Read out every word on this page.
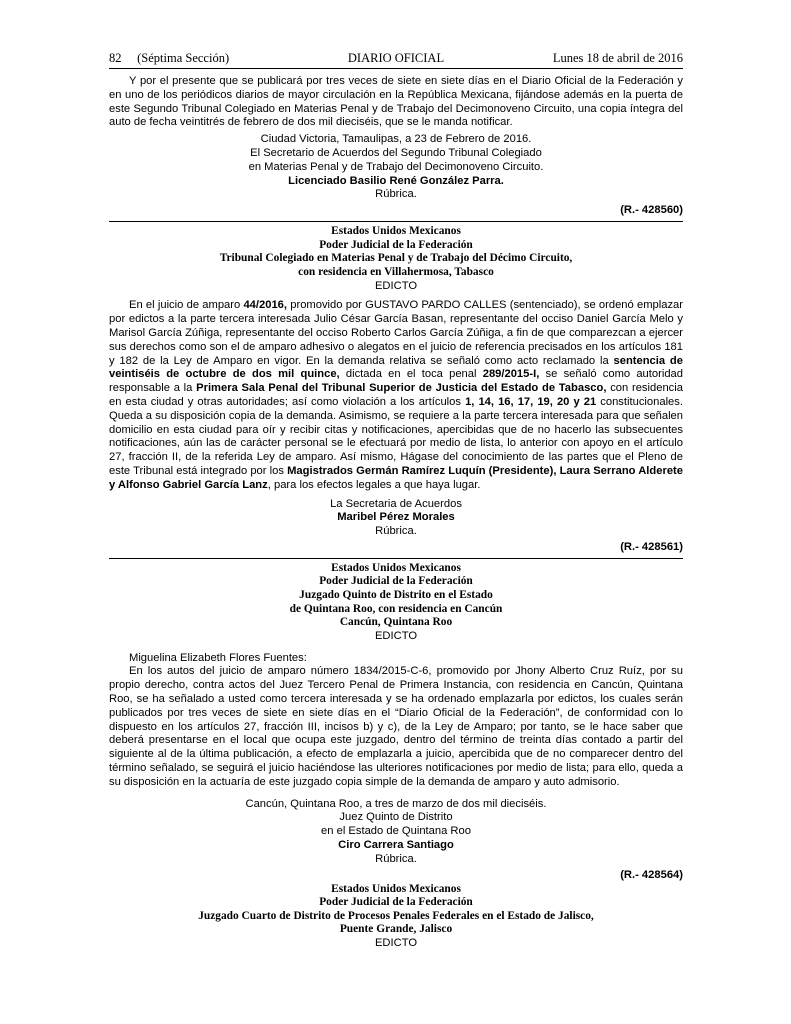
82     (Séptima Sección)	DIARIO OFICIAL	Lunes 18 de abril de 2016

Y por el presente que se publicará por tres veces de siete en siete días en el Diario Oficial de la Federación y en uno de los periódicos diarios de mayor circulación en la República Mexicana, fijándose además en la puerta de este Segundo Tribunal Colegiado en Materias Penal y de Trabajo del Decimonoveno Circuito, una copia íntegra del auto de fecha veintitrés de febrero de dos mil dieciséis, que se le manda notificar.

Ciudad Victoria, Tamaulipas, a 23 de Febrero de 2016.

El Secretario de Acuerdos del Segundo Tribunal Colegiado

en Materias Penal y de Trabajo del Decimonoveno Circuito.

Licenciado Basilio René González Parra.

Rúbrica.

(R.- 428560)

Estados Unidos Mexicanos

Poder Judicial de la Federación

Tribunal Colegiado en Materias Penal y de Trabajo del Décimo Circuito,

con residencia en Villahermosa, Tabasco

EDICTO

En el juicio de amparo 44/2016, promovido por GUSTAVO PARDO CALLES (sentenciado), se ordenó emplazar por edictos a la parte tercera interesada Julio César García Basan, representante del occiso Daniel García Melo y Marisol García Zúñiga, representante del occiso Roberto Carlos García Zúñiga, a fin de que comparezcan a ejercer sus derechos como son el de amparo adhesivo o alegatos en el juicio de referencia precisados en los artículos 181 y 182 de la Ley de Amparo en vigor. En la demanda relativa se señaló como acto reclamado la sentencia de veintiséis de octubre de dos mil quince, dictada en el toca penal 289/2015-I, se señaló como autoridad responsable a la Primera Sala Penal del Tribunal Superior de Justicia del Estado de Tabasco, con residencia en esta ciudad y otras autoridades; así como violación a los artículos 1, 14, 16, 17, 19, 20 y 21 constitucionales. Queda a su disposición copia de la demanda. Asimismo, se requiere a la parte tercera interesada para que señalen domicilio en esta ciudad para oír y recibir citas y notificaciones, apercibidas que de no hacerlo las subsecuentes notificaciones, aún las de carácter personal se le efectuará por medio de lista, lo anterior con apoyo en el artículo 27, fracción II, de la referida Ley de amparo. Así mismo, Hágase del conocimiento de las partes que el Pleno de este Tribunal está integrado por los Magistrados Germán Ramírez Luquín (Presidente), Laura Serrano Alderete y Alfonso Gabriel García Lanz, para los efectos legales a que haya lugar.

La Secretaria de Acuerdos

Maribel Pérez Morales

Rúbrica.

(R.- 428561)

Estados Unidos Mexicanos

Poder Judicial de la Federación

Juzgado Quinto de Distrito en el Estado

de Quintana Roo, con residencia en Cancún

Cancún, Quintana Roo

EDICTO

Miguelina Elizabeth Flores Fuentes:

En los autos del juicio de amparo número 1834/2015-C-6, promovido por Jhony Alberto Cruz Ruíz, por su propio derecho, contra actos del Juez Tercero Penal de Primera Instancia, con residencia en Cancún, Quintana Roo, se ha señalado a usted como tercera interesada y se ha ordenado emplazarla por edictos, los cuales serán publicados por tres veces de siete en siete días en el “Diario Oficial de la Federación”, de conformidad con lo dispuesto en los artículos 27, fracción III, incisos b) y c), de la Ley de Amparo; por tanto, se le hace saber que deberá presentarse en el local que ocupa este juzgado, dentro del término de treinta días contado a partir del siguiente al de la última publicación, a efecto de emplazarla a juicio, apercibida que de no comparecer dentro del término señalado, se seguirá el juicio haciéndose las ulteriores notificaciones por medio de lista; para ello, queda a su disposición en la actuaría de este juzgado copia simple de la demanda de amparo y auto admisorio.

Cancún, Quintana Roo, a tres de marzo de dos mil dieciséis.

Juez Quinto de Distrito

en el Estado de Quintana Roo

Ciro Carrera Santiago

Rúbrica.

(R.- 428564)

Estados Unidos Mexicanos

Poder Judicial de la Federación

Juzgado Cuarto de Distrito de Procesos Penales Federales en el Estado de Jalisco,

Puente Grande, Jalisco

EDICTO
